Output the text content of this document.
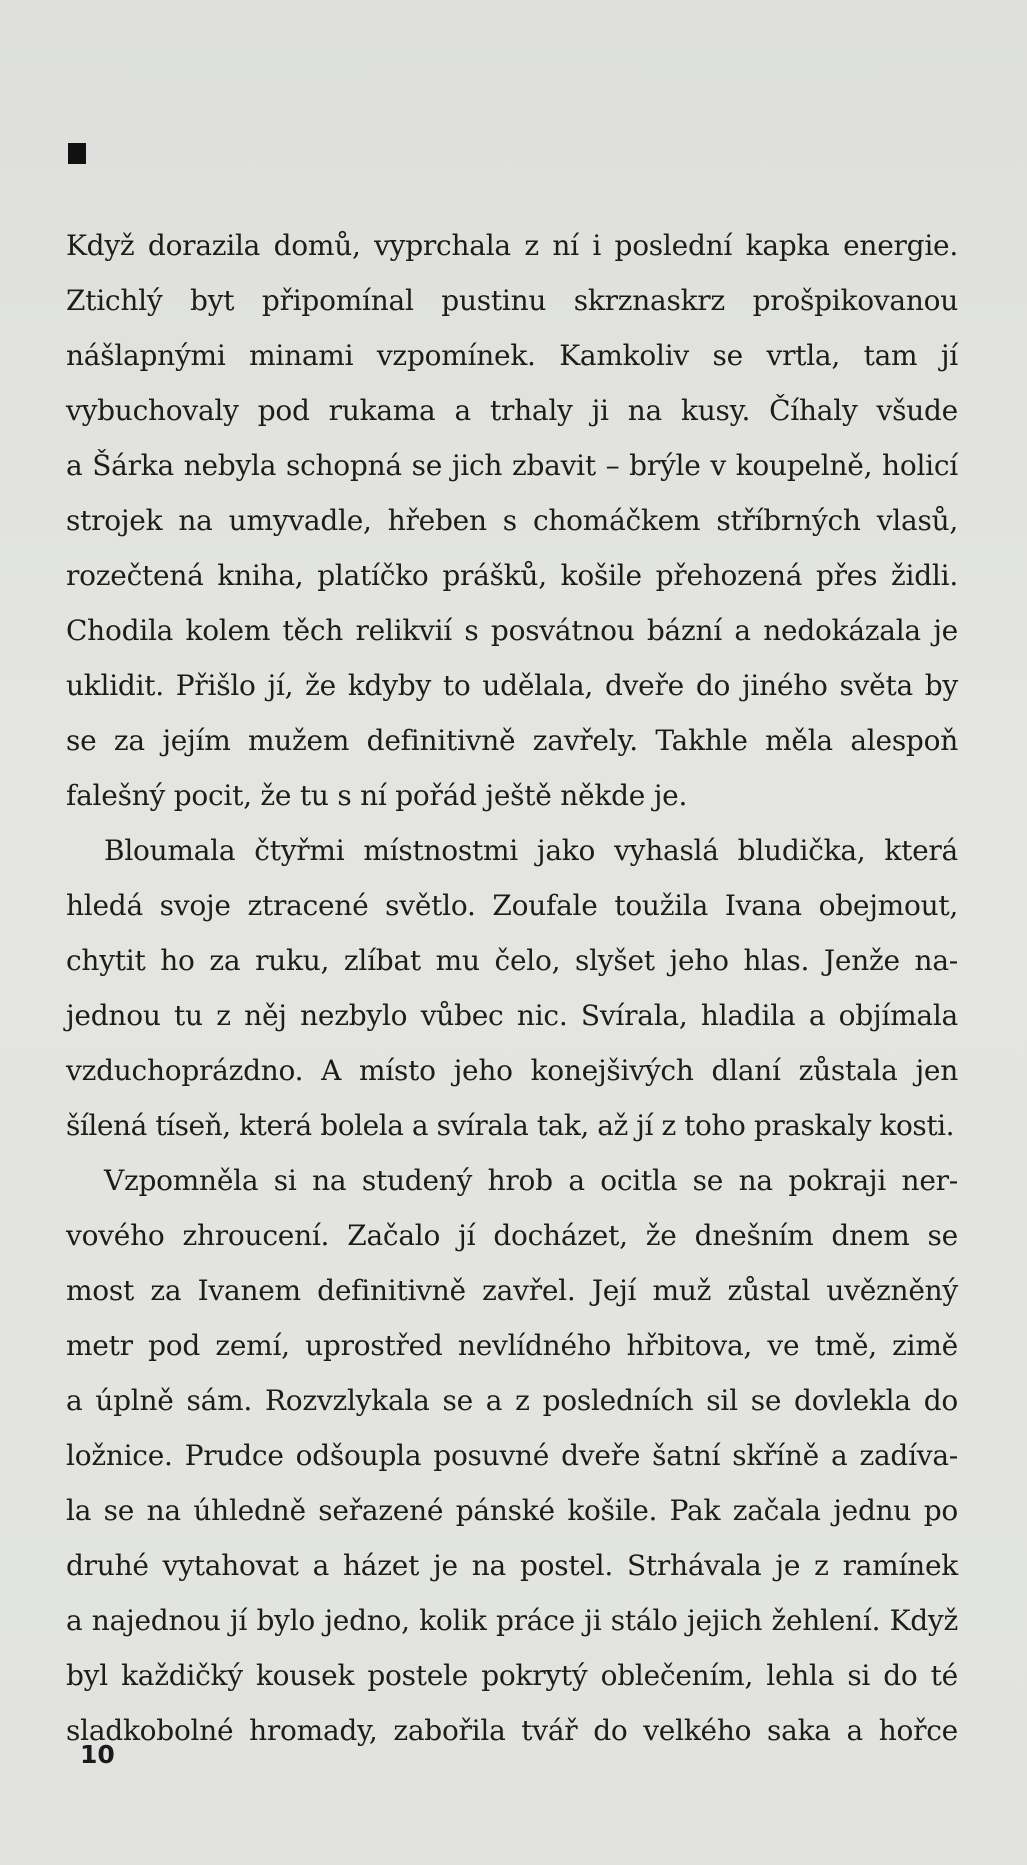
Když dorazila domů, vyprchala z ní i poslední kapka energie.
Ztichlý byt připomínal pustinu skrznaskrz prošpikovanou
nášlapnými minami vzpomínek. Kamkoliv se vrtla, tam jí
vybuchovaly pod rukama a trhaly ji na kusy. Číhaly všude
a Šárka nebyla schopná se jich zbavit – brýle v koupelně, holicí
strojek na umyvadle, hřeben s chomáčkem stříbrných vlasů,
rozečtená kniha, platíčko prášků, košile přehozená přes židli.
Chodila kolem těch relikvií s posvátnou bázní a nedokázala je
uklidit. Přišlo jí, že kdyby to udělala, dveře do jiného světa by
se za jejím mužem definitivně zavřely. Takhle měla alespoň
falešný pocit, že tu s ní pořád ještě někde je.
Bloumala čtyřmi místnostmi jako vyhaslá bludička, která
hledá svoje ztracené světlo. Zoufale toužila Ivana obejmout,
chytit ho za ruku, zlíbat mu čelo, slyšet jeho hlas. Jenže na-
jednou tu z něj nezbylo vůbec nic. Svírala, hladila a objímala
vzduchoprázdno. A místo jeho konejšivých dlaní zůstala jen
šílená tíseň, která bolela a svírala tak, až jí z toho praskaly kosti.
Vzpomněla si na studený hrob a ocitla se na pokraji ner-
vového zhroucení. Začalo jí docházet, že dnešním dnem se
most za Ivanem definitivně zavřel. Její muž zůstal uvězněný
metr pod zemí, uprostřed nevlídného hřbitova, ve tmě, zimě
a úplně sám. Rozvzlykala se a z posledních sil se dovlekla do
ložnice. Prudce odšoupla posuvné dveře šatní skříně a zadíva-
la se na úhledně seřazené pánské košile. Pak začala jednu po
druhé vytahovat a házet je na postel. Strhávala je z ramínek
a najednou jí bylo jedno, kolik práce ji stálo jejich žehlení. Když
byl každičký kousek postele pokrytý oblečením, lehla si do té
sladkobolné hromady, zabořila tvář do velkého saka a hořce
10
